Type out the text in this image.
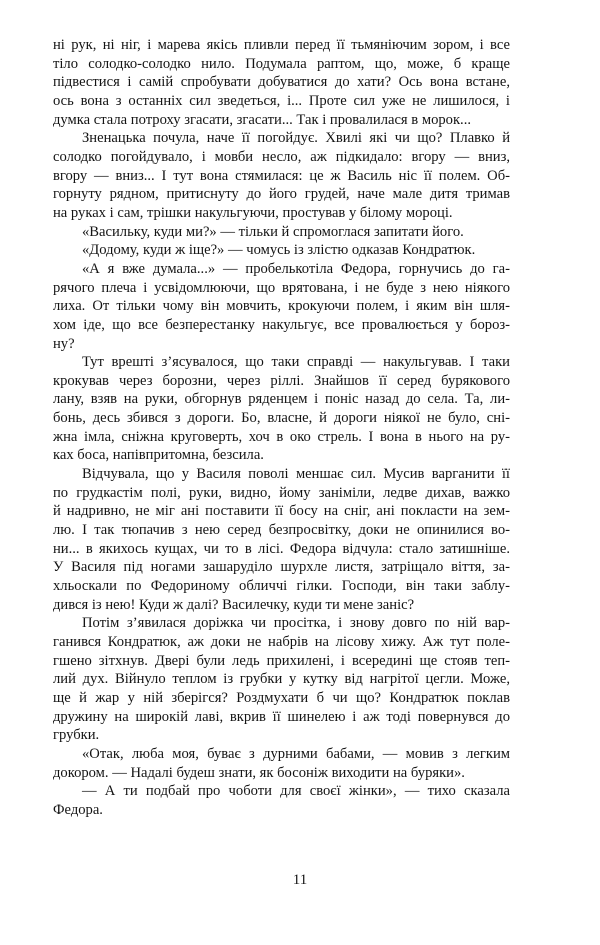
ні рук, ні ніг, і марева якісь пливли перед її тьмяніючим зором, і все
тіло солодко-солодко нило. Подумала раптом, що, може, б краще
підвестися і самій спробувати добуватися до хати? Ось вона встане,
ось вона з останніх сил зведеться, і... Проте сил уже не лишилося, і
думка стала потроху згасати, згасати... Так і провалилася в морок...
Зненацька почула, наче її погойдує. Хвилі які чи що? Плавко й
солодко погойдувало, і мовби несло, аж підкидало: вгору — вниз,
вгору — вниз... І тут вона стямилася: це ж Василь ніс її полем. Об-
горнуту рядном, притиснуту до його грудей, наче мале дитя тримав
на руках і сам, трішки накульгуючи, простував у білому мороці.
«Васильку, куди ми?» — тільки й спромоглася запитати його.
«Додому, куди ж іще?» — чомусь із злістю одказав Кондратюк.
«А я вже думала...» — пробелькотіла Федора, горнучись до га-
рячого плеча і усвідомлюючи, що врятована, і не буде з нею ніякого
лиха. От тільки чому він мовчить, крокуючи полем, і яким він шля-
хом іде, що все безперестанку накульгує, все провалюється у бороз-
ну?
Тут врешті з’ясувалося, що таки справді — накульгував. І таки
крокував через борозни, через ріллі. Знайшов її серед бурякового
лану, взяв на руки, обгорнув ряденцем і поніс назад до села. Та, ли-
бонь, десь збився з дороги. Бо, власне, й дороги ніякої не було, сні-
жна імла, сніжна круговерть, хоч в око стрель. І вона в нього на ру-
ках боса, напівпритомна, безсила.
Відчувала, що у Василя поволі меншає сил. Мусив варганити її
по грудкастім полі, руки, видно, йому заніміли, ледве дихав, важко
й надривно, не міг ані поставити її босу на сніг, ані покласти на зем-
лю. І так тюпачив з нею серед безпросвітку, доки не опинилися во-
ни... в якихось кущах, чи то в лісі. Федора відчула: стало затишніше.
У Василя під ногами зашаруділо шурхле листя, затріщало віття, за-
хльоскали по Федориному обличчі гілки. Господи, він таки заблу-
дився із нею! Куди ж далі? Василечку, куди ти мене заніс?
Потім з’явилася доріжка чи просітка, і знову довго по ній вар-
ганився Кондратюк, аж доки не набрів на лісову хижу. Аж тут поле-
гшено зітхнув. Двері були ледь прихилені, і всередині ще стояв теп-
лий дух. Війнуло теплом із грубки у кутку від нагрітої цегли. Може,
ще й жар у ній зберігся? Роздмухати б чи що? Кондратюк поклав
дружину на широкій лаві, вкрив її шинелею і аж тоді повернувся до
грубки.
«Отак, люба моя, буває з дурними бабами, — мовив з легким
докором. — Надалі будеш знати, як босоніж виходити на буряки».
— А ти подбай про чоботи для своєї жінки», — тихо сказала
Федора.
11
